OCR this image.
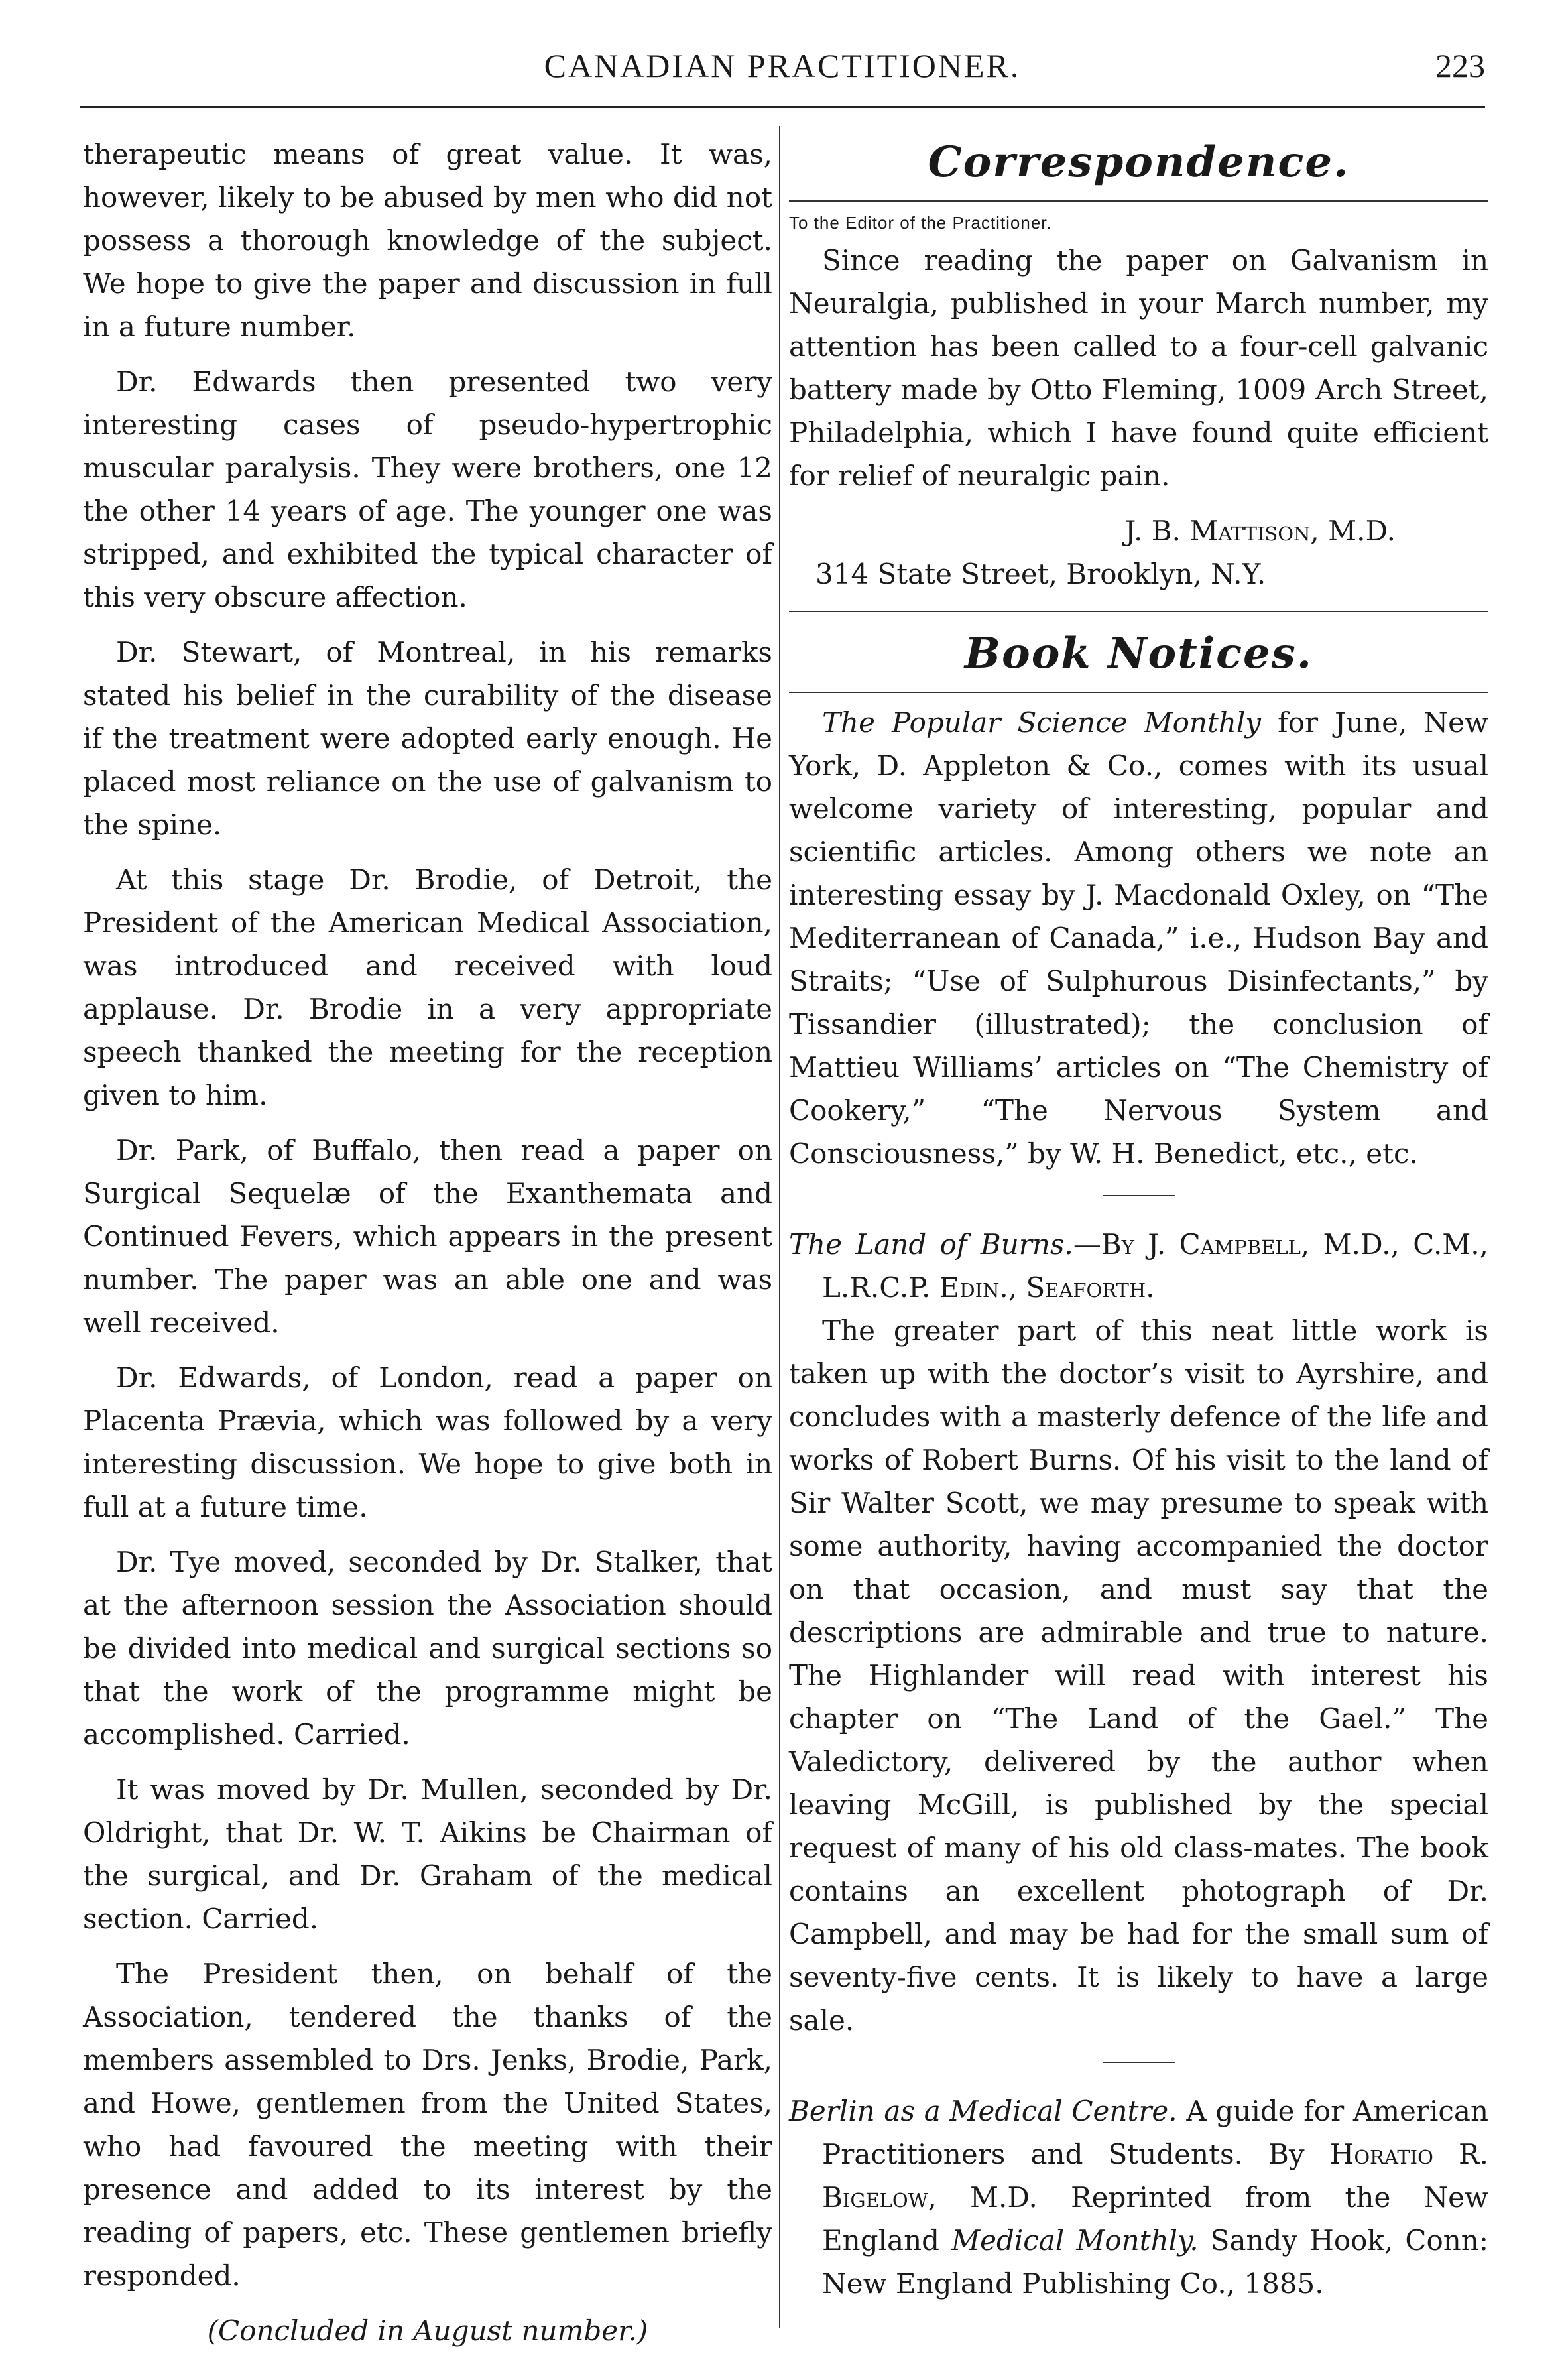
CANADIAN PRACTITIONER.	223

therapeutic means of great value. It was, however, likely to be abused by men who did not possess a thorough knowledge of the subject. We hope to give the paper and discussion in full in a future number.

Dr. Edwards then presented two very interesting cases of pseudo-hypertrophic muscular paralysis. They were brothers, one 12 the other 14 years of age. The younger one was stripped, and exhibited the typical character of this very obscure affection.

Dr. Stewart, of Montreal, in his remarks stated his belief in the curability of the disease if the treatment were adopted early enough. He placed most reliance on the use of galvanism to the spine.

At this stage Dr. Brodie, of Detroit, the President of the American Medical Association, was introduced and received with loud applause. Dr. Brodie in a very appropriate speech thanked the meeting for the reception given to him.

Dr. Park, of Buffalo, then read a paper on Surgical Sequelæ of the Exanthemata and Continued Fevers, which appears in the present number. The paper was an able one and was well received.

Dr. Edwards, of London, read a paper on Placenta Prævia, which was followed by a very interesting discussion. We hope to give both in full at a future time.

Dr. Tye moved, seconded by Dr. Stalker, that at the afternoon session the Association should be divided into medical and surgical sections so that the work of the programme might be accomplished. Carried.

It was moved by Dr. Mullen, seconded by Dr. Oldright, that Dr. W. T. Aikins be Chairman of the surgical, and Dr. Graham of the medical section. Carried.

The President then, on behalf of the Association, tendered the thanks of the members assembled to Drs. Jenks, Brodie, Park, and Howe, gentlemen from the United States, who had favoured the meeting with their presence and added to its interest by the reading of papers, etc. These gentlemen briefly responded.

(Concluded in August number.)

Correspondence.
To the Editor of the Practitioner.

Since reading the paper on Galvanism in Neuralgia, published in your March number, my attention has been called to a four-cell galvanic battery made by Otto Fleming, 1009 Arch Street, Philadelphia, which I have found quite efficient for relief of neuralgic pain.

J. B. Mattison, M.D.

314 State Street, Brooklyn, N.Y.

Book Notices.

The Popular Science Monthly for June, New York, D. Appleton & Co., comes with its usual welcome variety of interesting, popular and scientific articles. Among others we note an interesting essay by J. Macdonald Oxley, on “The Mediterranean of Canada,” i.e., Hudson Bay and Straits; “Use of Sulphurous Disinfectants,” by Tissandier (illustrated); the conclusion of Mattieu Williams’ articles on “The Chemistry of Cookery,” “The Nervous System and Consciousness,” by W. H. Benedict, etc., etc.

The Land of Burns.—By J. Campbell, M.D., C.M., L.R.C.P. Edin., Seaforth.

The greater part of this neat little work is taken up with the doctor’s visit to Ayrshire, and concludes with a masterly defence of the life and works of Robert Burns. Of his visit to the land of Sir Walter Scott, we may presume to speak with some authority, having accompanied the doctor on that occasion, and must say that the descriptions are admirable and true to nature. The Highlander will read with interest his chapter on “The Land of the Gael.” The Valedictory, delivered by the author when leaving McGill, is published by the special request of many of his old class-mates. The book contains an excellent photograph of Dr. Campbell, and may be had for the small sum of seventy-five cents. It is likely to have a large sale.

Berlin as a Medical Centre. A guide for American Practitioners and Students. By Horatio R. Bigelow, M.D. Reprinted from the New England Medical Monthly. Sandy Hook, Conn: New England Publishing Co., 1885.
